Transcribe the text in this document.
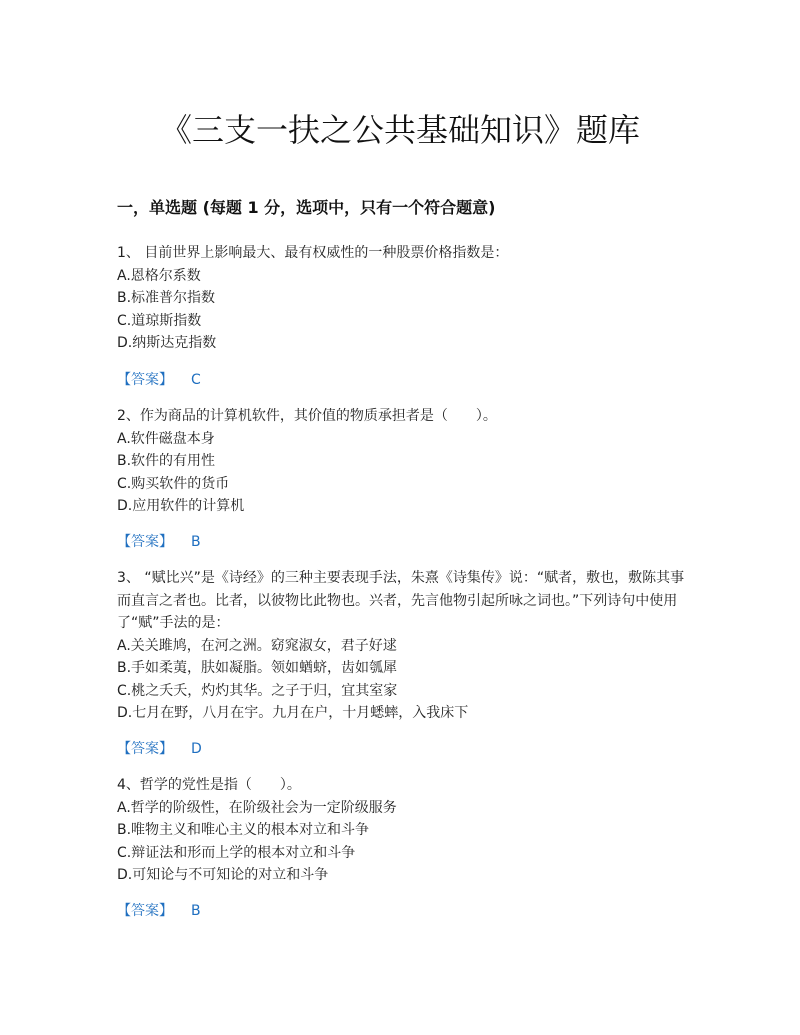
《三支一扶之公共基础知识》题库
一，单选题 (每题 1 分，选项中，只有一个符合题意)
1、 目前世界上影响最大、最有权威性的一种股票价格指数是：
A.恩格尔系数
B.标准普尔指数
C.道琼斯指数
D.纳斯达克指数
【答案】 C
2、作为商品的计算机软件，其价值的物质承担者是（　　）。
A.软件磁盘本身
B.软件的有用性
C.购买软件的货币
D.应用软件的计算机
【答案】 B
3、 “赋比兴”是《诗经》的三种主要表现手法，朱熹《诗集传》说：“赋者，敷也，敷陈其事而直言之者也。比者，以彼物比此物也。兴者，先言他物引起所咏之词也。”下列诗句中使用了“赋”手法的是：
A.关关雎鸠，在河之洲。窈窕淑女，君子好逑
B.手如柔荑，肤如凝脂。领如蝤蛴，齿如瓠犀
C.桃之夭夭，灼灼其华。之子于归，宜其室家
D.七月在野，八月在宇。九月在户，十月蟋蟀，入我床下
【答案】 D
4、哲学的党性是指（　　）。
A.哲学的阶级性，在阶级社会为一定阶级服务
B.唯物主义和唯心主义的根本对立和斗争
C.辩证法和形而上学的根本对立和斗争
D.可知论与不可知论的对立和斗争
【答案】 B
